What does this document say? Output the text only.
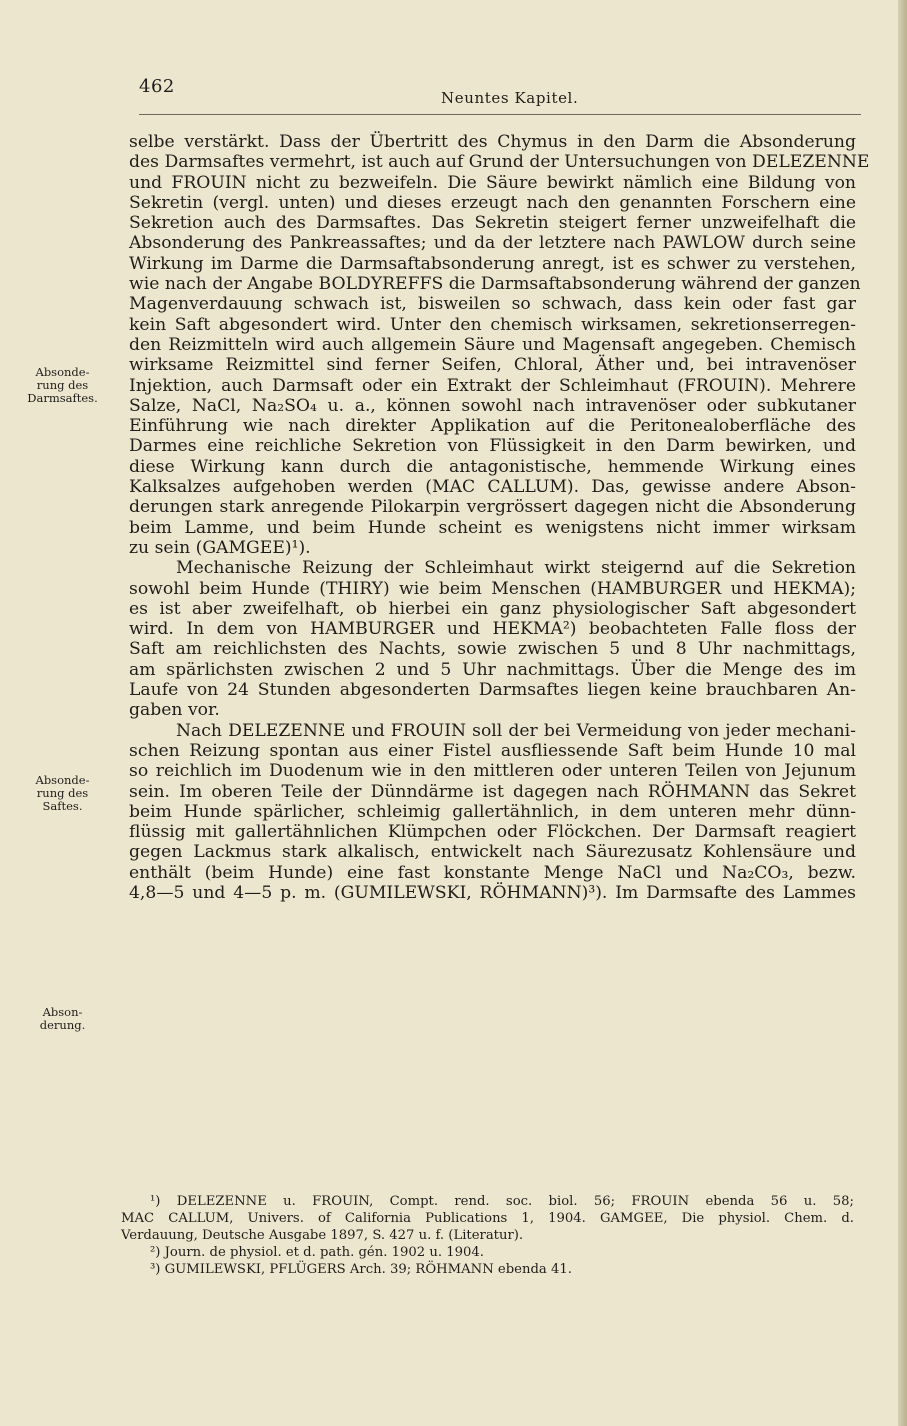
462
Neuntes Kapitel.
Absonde-
rung des
Darmsaftes.
Absonde-
rung des
Saftes.
Abson-
derung.
selbe verstärkt. Dass der Übertritt des Chymus in den Darm die Absonderung
des Darmsaftes vermehrt, ist auch auf Grund der Untersuchungen von DELEZENNE
und FROUIN nicht zu bezweifeln. Die Säure bewirkt nämlich eine Bildung von
Sekretin (vergl. unten) und dieses erzeugt nach den genannten Forschern eine
Sekretion auch des Darmsaftes. Das Sekretin steigert ferner unzweifelhaft die
Absonderung des Pankreassaftes; und da der letztere nach PAWLOW durch seine
Wirkung im Darme die Darmsaftabsonderung anregt, ist es schwer zu verstehen,
wie nach der Angabe BOLDYREFFS die Darmsaftabsonderung während der ganzen
Magenverdauung schwach ist, bisweilen so schwach, dass kein oder fast gar
kein Saft abgesondert wird. Unter den chemisch wirksamen, sekretionserregen-
den Reizmitteln wird auch allgemein Säure und Magensaft angegeben. Chemisch
wirksame Reizmittel sind ferner Seifen, Chloral, Äther und, bei intravenöser
Injektion, auch Darmsaft oder ein Extrakt der Schleimhaut (FROUIN). Mehrere
Salze, NaCl, Na₂SO₄ u. a., können sowohl nach intravenöser oder subkutaner
Einführung wie nach direkter Applikation auf die Peritonealoberfläche des
Darmes eine reichliche Sekretion von Flüssigkeit in den Darm bewirken, und
diese Wirkung kann durch die antagonistische, hemmende Wirkung eines
Kalksalzes aufgehoben werden (MAC CALLUM). Das, gewisse andere Abson-
derungen stark anregende Pilokarpin vergrössert dagegen nicht die Absonderung
beim Lamme, und beim Hunde scheint es wenigstens nicht immer wirksam
zu sein (GAMGEE)¹).
Mechanische Reizung der Schleimhaut wirkt steigernd auf die Sekretion
sowohl beim Hunde (THIRY) wie beim Menschen (HAMBURGER und HEKMA);
es ist aber zweifelhaft, ob hierbei ein ganz physiologischer Saft abgesondert
wird. In dem von HAMBURGER und HEKMA²) beobachteten Falle floss der
Saft am reichlichsten des Nachts, sowie zwischen 5 und 8 Uhr nachmittags,
am spärlichsten zwischen 2 und 5 Uhr nachmittags. Über die Menge des im
Laufe von 24 Stunden abgesonderten Darmsaftes liegen keine brauchbaren An-
gaben vor.
Nach DELEZENNE und FROUIN soll der bei Vermeidung von jeder mechani-
schen Reizung spontan aus einer Fistel ausfliessende Saft beim Hunde 10 mal
so reichlich im Duodenum wie in den mittleren oder unteren Teilen von Jejunum
sein. Im oberen Teile der Dünndärme ist dagegen nach RÖHMANN das Sekret
beim Hunde spärlicher, schleimig gallertähnlich, in dem unteren mehr dünn-
flüssig mit gallertähnlichen Klümpchen oder Flöckchen. Der Darmsaft reagiert
gegen Lackmus stark alkalisch, entwickelt nach Säurezusatz Kohlensäure und
enthält (beim Hunde) eine fast konstante Menge NaCl und Na₂CO₃, bezw.
4,8—5 und 4—5 p. m. (GUMILEWSKI, RÖHMANN)³). Im Darmsafte des Lammes
¹) DELEZENNE u. FROUIN, Compt. rend. soc. biol. 56; FROUIN ebenda 56 u. 58;
MAC CALLUM, Univers. of California Publications 1, 1904. GAMGEE, Die physiol. Chem. d.
Verdauung, Deutsche Ausgabe 1897, S. 427 u. f. (Literatur).
²) Journ. de physiol. et d. path. gén. 1902 u. 1904.
³) GUMILEWSKI, PFLÜGERS Arch. 39; RÖHMANN ebenda 41.
